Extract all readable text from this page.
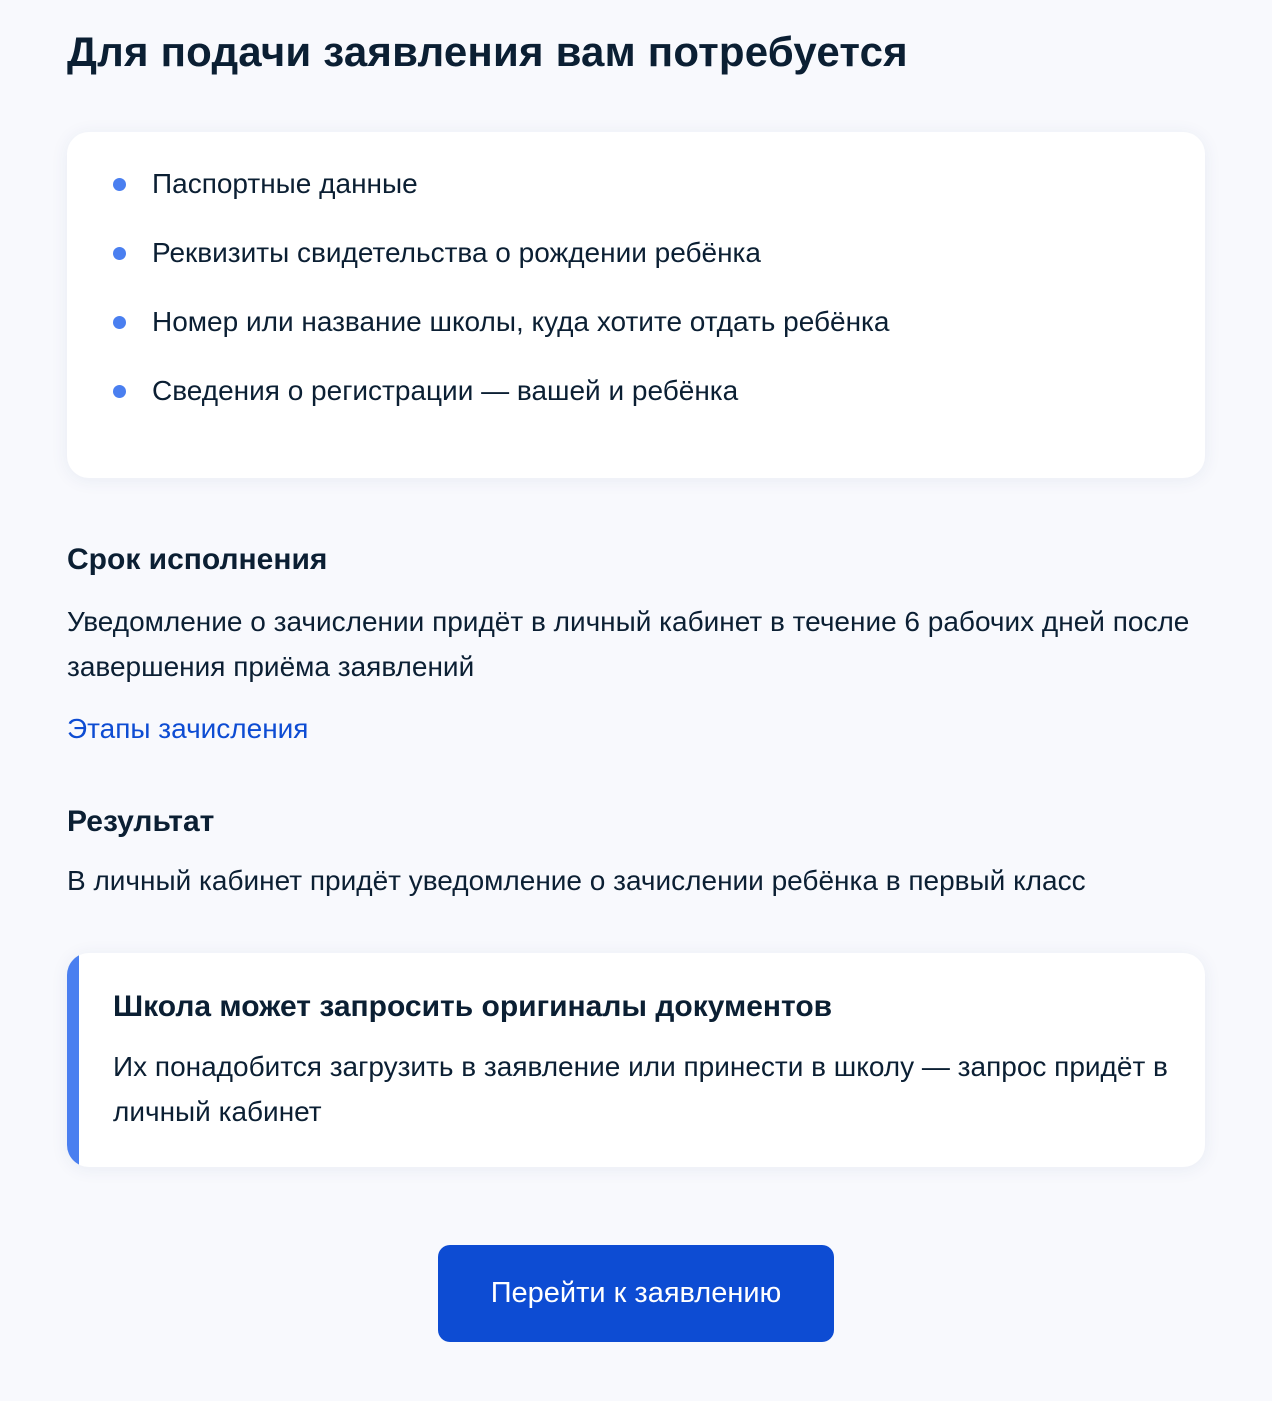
Для подачи заявления вам потребуется
Паспортные данные
Реквизиты свидетельства о рождении ребёнка
Номер или название школы, куда хотите отдать ребёнка
Сведения о регистрации — вашей и ребёнка
Срок исполнения

Уведомление о зачислении придёт в личный кабинет в течение 6 рабочих дней после завершения приёма заявлений

Этапы зачисления
Результат

В личный кабинет придёт уведомление о зачислении ребёнка в первый класс

Школа может запросить оригиналы документов

Их понадобится загрузить в заявление или принести в школу — запрос придёт в личный кабинет

Перейти к заявлению
